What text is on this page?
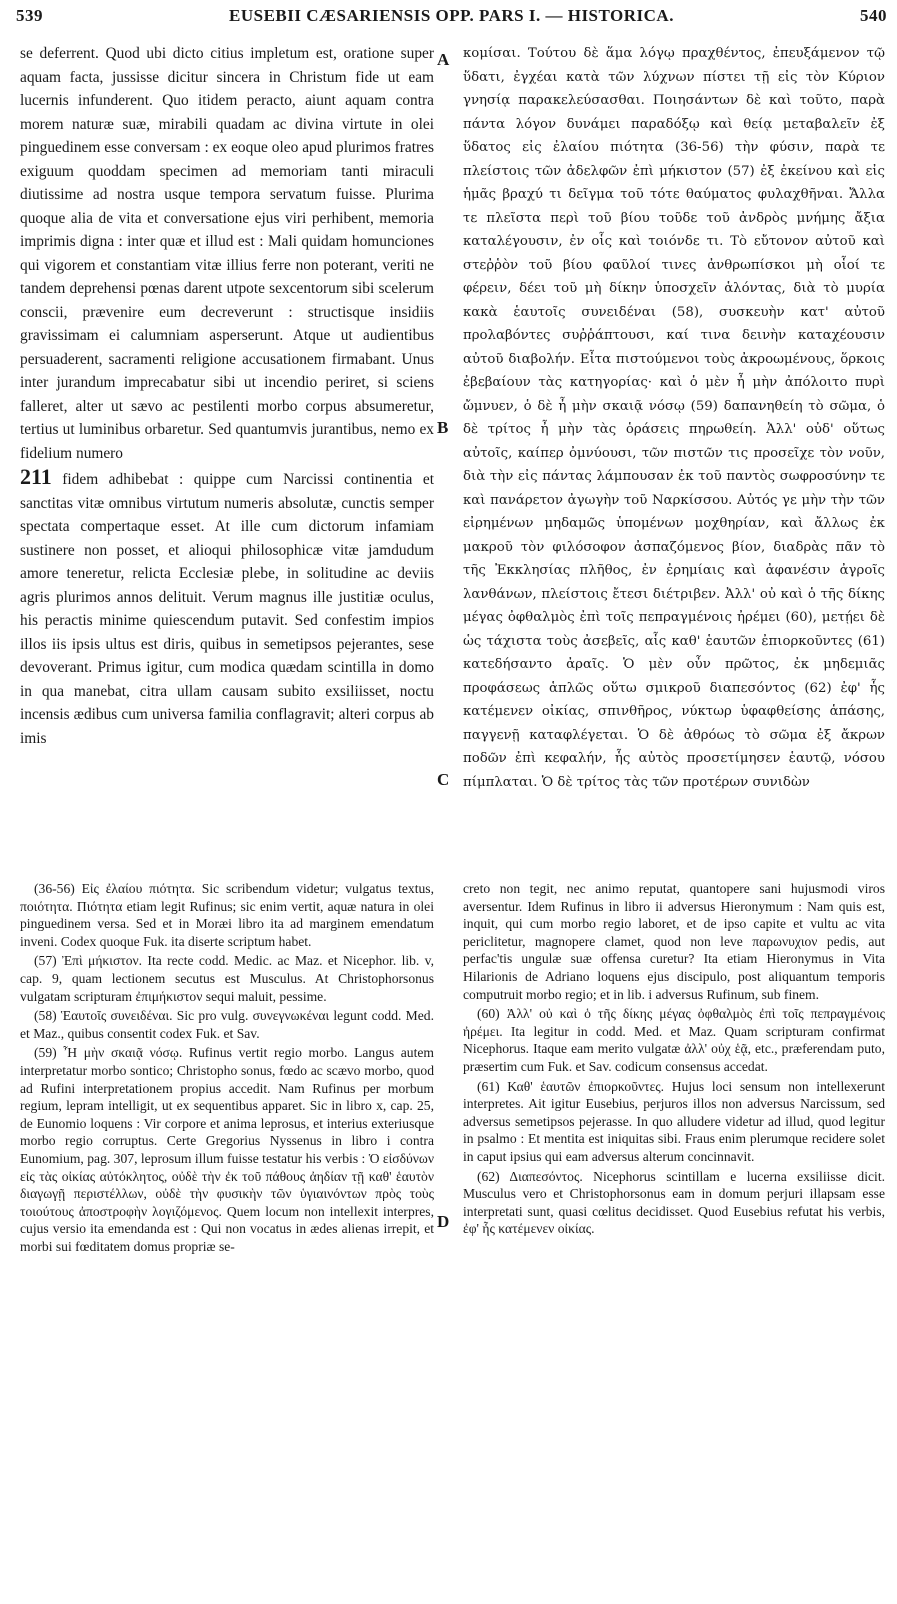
539	EUSEBII CÆSARIENSIS OPP. PARS I. — HISTORICA.	540
A
B
C
D

se deferrent. Quod ubi dicto citius impletum est, oratione super aquam facta, jussisse dicitur sincera in Christum fide ut eam lucernis infunderent. Quo itidem peracto, aiunt aquam contra morem naturæ suæ, mirabili quadam ac divina virtute in olei pinguedinem esse conversam : ex eoque oleo apud plurimos fratres exiguum quoddam specimen ad memoriam tanti miraculi diutissime ad nostra usque tempora servatum fuisse. Plurima quoque alia de vita et conversatione ejus viri perhibent, memoria imprimis digna : inter quæ et illud est : Mali quidam homunciones qui vigorem et constantiam vitæ illius ferre non poterant, veriti ne tandem deprehensi pœnas darent utpote sexcentorum sibi scelerum conscii, prævenire eum decreverunt : structisque insidiis gravissimam ei calumniam asperserunt. Atque ut audientibus persuaderent, sacramenti religione accusationem firmabant. Unus inter jurandum imprecabatur sibi ut incendio periret, si sciens falleret, alter ut sævo ac pestilenti morbo corpus absumeretur, tertius ut luminibus orbaretur. Sed quantumvis jurantibus, nemo ex fidelium numero

211 fidem adhibebat : quippe cum Narcissi continentia et sanctitas vitæ omnibus virtutum numeris absolutæ, cunctis semper spectata compertaque esset. At ille cum dictorum infamiam sustinere non posset, et alioqui philosophicæ vitæ jamdudum amore teneretur, relicta Ecclesiæ plebe, in solitudine ac deviis agris plurimos annos delituit. Verum magnus ille justitiæ oculus, his peractis minime quiescendum putavit. Sed confestim impios illos iis ipsis ultus est diris, quibus in semetipsos pejerantes, sese devoverant. Primus igitur, cum modica quædam scintilla in domo in qua manebat, citra ullam causam subito exsiliisset, noctu incensis ædibus cum universa familia conflagravit; alteri corpus ab imis

κομίσαι. Τούτου δὲ ἅμα λόγῳ πραχθέντος, ἐπευξάμενον τῷ ὕδατι, ἐγχέαι κατὰ τῶν λύχνων πίστει τῇ εἰς τὸν Κύριον γνησίᾳ παρακελεύσασθαι. Ποιησάντων δὲ καὶ τοῦτο, παρὰ πάντα λόγον δυνάμει παραδόξῳ καὶ θείᾳ μεταβαλεῖν ἐξ ὕδατος εἰς ἐλαίου πιότητα (36-56) τὴν φύσιν, παρὰ τε πλείστοις τῶν ἀδελφῶν ἐπὶ μήκιστον (57) ἐξ ἐκείνου καὶ εἰς ἡμᾶς βραχύ τι δεῖγμα τοῦ τότε θαύματος φυλαχθῆναι. Ἄλλα τε πλεῖστα περὶ τοῦ βίου τοῦδε τοῦ ἀνδρὸς μνήμης ἄξια καταλέγουσιν, ἐν οἷς καὶ τοιόνδε τι. Τὸ εὔτονον αὐτοῦ καὶ στεῤῥὸν τοῦ βίου φαῦλοί τινες ἀνθρωπίσκοι μὴ οἷοί τε φέρειν, δέει τοῦ μὴ δίκην ὑποσχεῖν ἁλόντας, διὰ τὸ μυρία κακὰ ἑαυτοῖς συνειδέναι (58), συσκευὴν κατ' αὐτοῦ προλαβόντες συῤῥάπτουσι, καί τινα δεινὴν καταχέουσιν αὐτοῦ διαβολήν. Εἶτα πιστούμενοι τοὺς ἀκροωμένους, ὅρκοις ἐβεβαίουν τὰς κατηγορίας· καὶ ὁ μὲν ἦ μὴν ἀπόλοιτο πυρὶ ὤμνυεν, ὁ δὲ ἦ μὴν σκαιᾷ νόσῳ (59) δαπανηθείη τὸ σῶμα, ὁ δὲ τρίτος ἦ μὴν τὰς ὁράσεις πηρωθείη. Ἀλλ' οὐδ' οὕτως αὐτοῖς, καίπερ ὀμνύουσι, τῶν πιστῶν τις προσεῖχε τὸν νοῦν, διὰ τὴν εἰς πάντας λάμπουσαν ἐκ τοῦ παντὸς σωφροσύνην τε καὶ πανάρετον ἀγωγὴν τοῦ Ναρκίσσου. Αὐτός γε μὴν τὴν τῶν εἰρημένων μηδαμῶς ὑπομένων μοχθηρίαν, καὶ ἄλλως ἐκ μακροῦ τὸν φιλόσοφον ἀσπαζόμενος βίον, διαδρὰς πᾶν τὸ τῆς Ἐκκλησίας πλῆθος, ἐν ἐρημίαις καὶ ἀφανέσιν ἀγροῖς λανθάνων, πλείστοις ἔτεσι διέτριβεν. Ἀλλ' οὐ καὶ ὁ τῆς δίκης μέγας ὀφθαλμὸς ἐπὶ τοῖς πεπραγμένοις ἠρέμει (60), μετῄει δὲ ὡς τάχιστα τοὺς ἀσεβεῖς, αἷς καθ' ἑαυτῶν ἐπιορκοῦντες (61) κατεδήσαντο ἀραῖς. Ὁ μὲν οὖν πρῶτος, ἐκ μηδεμιᾶς προφάσεως ἁπλῶς οὕτω σμικροῦ διαπεσόντος (62) ἐφ' ἧς κατέμενεν οἰκίας, σπινθῆρος, νύκτωρ ὑφαφθείσης ἁπάσης, παγγενῇ καταφλέγεται. Ὁ δὲ ἀθρόως τὸ σῶμα ἐξ ἄκρων ποδῶν ἐπὶ κεφαλήν, ἧς αὐτὸς προσετίμησεν ἑαυτῷ, νόσου πίμπλαται. Ὁ δὲ τρίτος τὰς τῶν προτέρων συνιδὼν

(36-56) Εἰς ἐλαίου πιότητα. Sic scribendum videtur; vulgatus textus, ποιότητα. Πιότητα etiam legit Rufinus; sic enim vertit, aquæ natura in olei pinguedinem versa. Sed et in Moræi libro ita ad marginem emendatum inveni. Codex quoque Fuk. ita diserte scriptum habet.

(57) Ἐπὶ μήκιστον. Ita recte codd. Medic. ac Maz. et Nicephor. lib. v, cap. 9, quam lectionem secutus est Musculus. At Christophorsonus vulgatam scripturam ἐπιμήκιστον sequi maluit, pessime.

(58) Ἑαυτοῖς συνειδέναι. Sic pro vulg. συνεγνωκέναι legunt codd. Med. et Maz., quibus consentit codex Fuk. et Sav.

(59) Ἦ μὴν σκαιᾷ νόσῳ. Rufinus vertit regio morbo. Langus autem interpretatur morbo sontico; Christopho sonus, fœdo ac scævo morbo, quod ad Rufini interpretationem propius accedit. Nam Rufinus per morbum regium, lepram intelligit, ut ex sequentibus apparet. Sic in libro x, cap. 25, de Eunomio loquens : Vir corpore et anima leprosus, et interius exteriusque morbo regio corruptus. Certe Gregorius Nyssenus in libro i contra Eunomium, pag. 307, leprosum illum fuisse testatur his verbis : Ὁ εἰσδύνων εἰς τὰς οἰκίας αὐτόκλητος, οὐδὲ τὴν ἐκ τοῦ πάθους ἀηδίαν τῇ καθ' ἑαυτὸν διαγωγῇ περιστέλλων, οὐδὲ τὴν φυσικὴν τῶν ὑγιαινόντων πρὸς τοὺς τοιούτους ἀποστροφὴν λογιζόμενος. Quem locum non intellexit interpres, cujus versio ita emendanda est : Qui non vocatus in ædes alienas irrepit, et morbi sui fœditatem domus propriæ se-

creto non tegit, nec animo reputat, quantopere sani hujusmodi viros aversentur. Idem Rufinus in libro ii adversus Hieronymum : Nam quis est, inquit, qui cum morbo regio laboret, et de ipso capite et vultu ac vita periclitetur, magnopere clamet, quod non leve παρωνυχιον pedis, aut perfac'tis ungulæ suæ offensa curetur? Ita etiam Hieronymus in Vita Hilarionis de Adriano loquens ejus discipulo, post aliquantum temporis computruit morbo regio; et in lib. i adversus Rufinum, sub finem.

(60) Ἀλλ' οὐ καὶ ὁ τῆς δίκης μέγας ὀφθαλμὸς ἐπὶ τοῖς πεπραγμένοις ἠρέμει. Ita legitur in codd. Med. et Maz. Quam scripturam confirmat Nicephorus. Itaque eam merito vulgatæ ἀλλ' οὐχ ἑᾷ, etc., præferendam puto, præsertim cum Fuk. et Sav. codicum consensus accedat.

(61) Καθ' ἑαυτῶν ἐπιορκοῦντες. Hujus loci sensum non intellexerunt interpretes. Ait igitur Eusebius, perjuros illos non adversus Narcissum, sed adversus semetipsos pejerasse. In quo alludere videtur ad illud, quod legitur in psalmo : Et mentita est iniquitas sibi. Fraus enim plerumque recidere solet in caput ipsius qui eam adversus alterum concinnavit.

(62) Διαπεσόντος. Nicephorus scintillam e lucerna exsiliisse dicit. Musculus vero et Christophorsonus eam in domum perjuri illapsam esse interpretati sunt, quasi cœlitus decidisset. Quod Eusebius refutat his verbis, ἐφ' ἧς κατέμενεν οἰκίας.
